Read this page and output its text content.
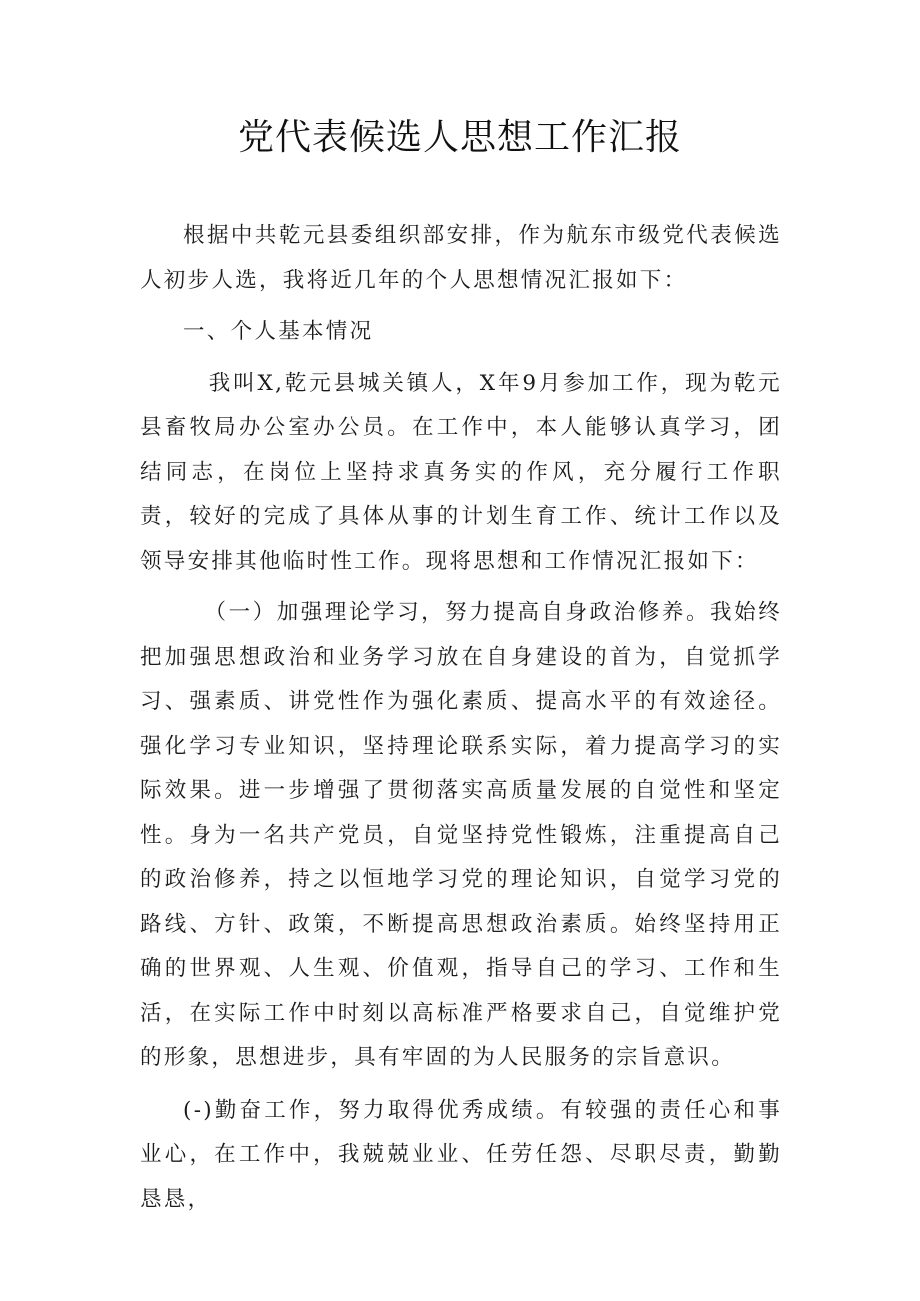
党代表候选人思想工作汇报

根据中共乾元县委组织部安排，作为航东市级党代表候选人初步人选，我将近几年的个人思想情况汇报如下：

一、个人基本情况

我叫X,乾元县城关镇人，X年9月参加工作，现为乾元县畜牧局办公室办公员。在工作中，本人能够认真学习，团结同志，在岗位上坚持求真务实的作风，充分履行工作职责，较好的完成了具体从事的计划生育工作、统计工作以及领导安排其他临时性工作。现将思想和工作情况汇报如下：

（一）加强理论学习，努力提高自身政治修养。我始终把加强思想政治和业务学习放在自身建设的首为，自觉抓学习、强素质、讲党性作为强化素质、提高水平的有效途径。强化学习专业知识，坚持理论联系实际，着力提高学习的实际效果。进一步增强了贯彻落实高质量发展的自觉性和坚定性。身为一名共产党员，自觉坚持党性锻炼，注重提高自己的政治修养，持之以恒地学习党的理论知识，自觉学习党的路线、方针、政策，不断提高思想政治素质。始终坚持用正确的世界观、人生观、价值观，指导自己的学习、工作和生活，在实际工作中时刻以高标准严格要求自己，自觉维护党的形象，思想进步，具有牢固的为人民服务的宗旨意识。

(-)勤奋工作，努力取得优秀成绩。有较强的责任心和事业心，在工作中，我兢兢业业、任劳任怨、尽职尽责，勤勤恳恳，
